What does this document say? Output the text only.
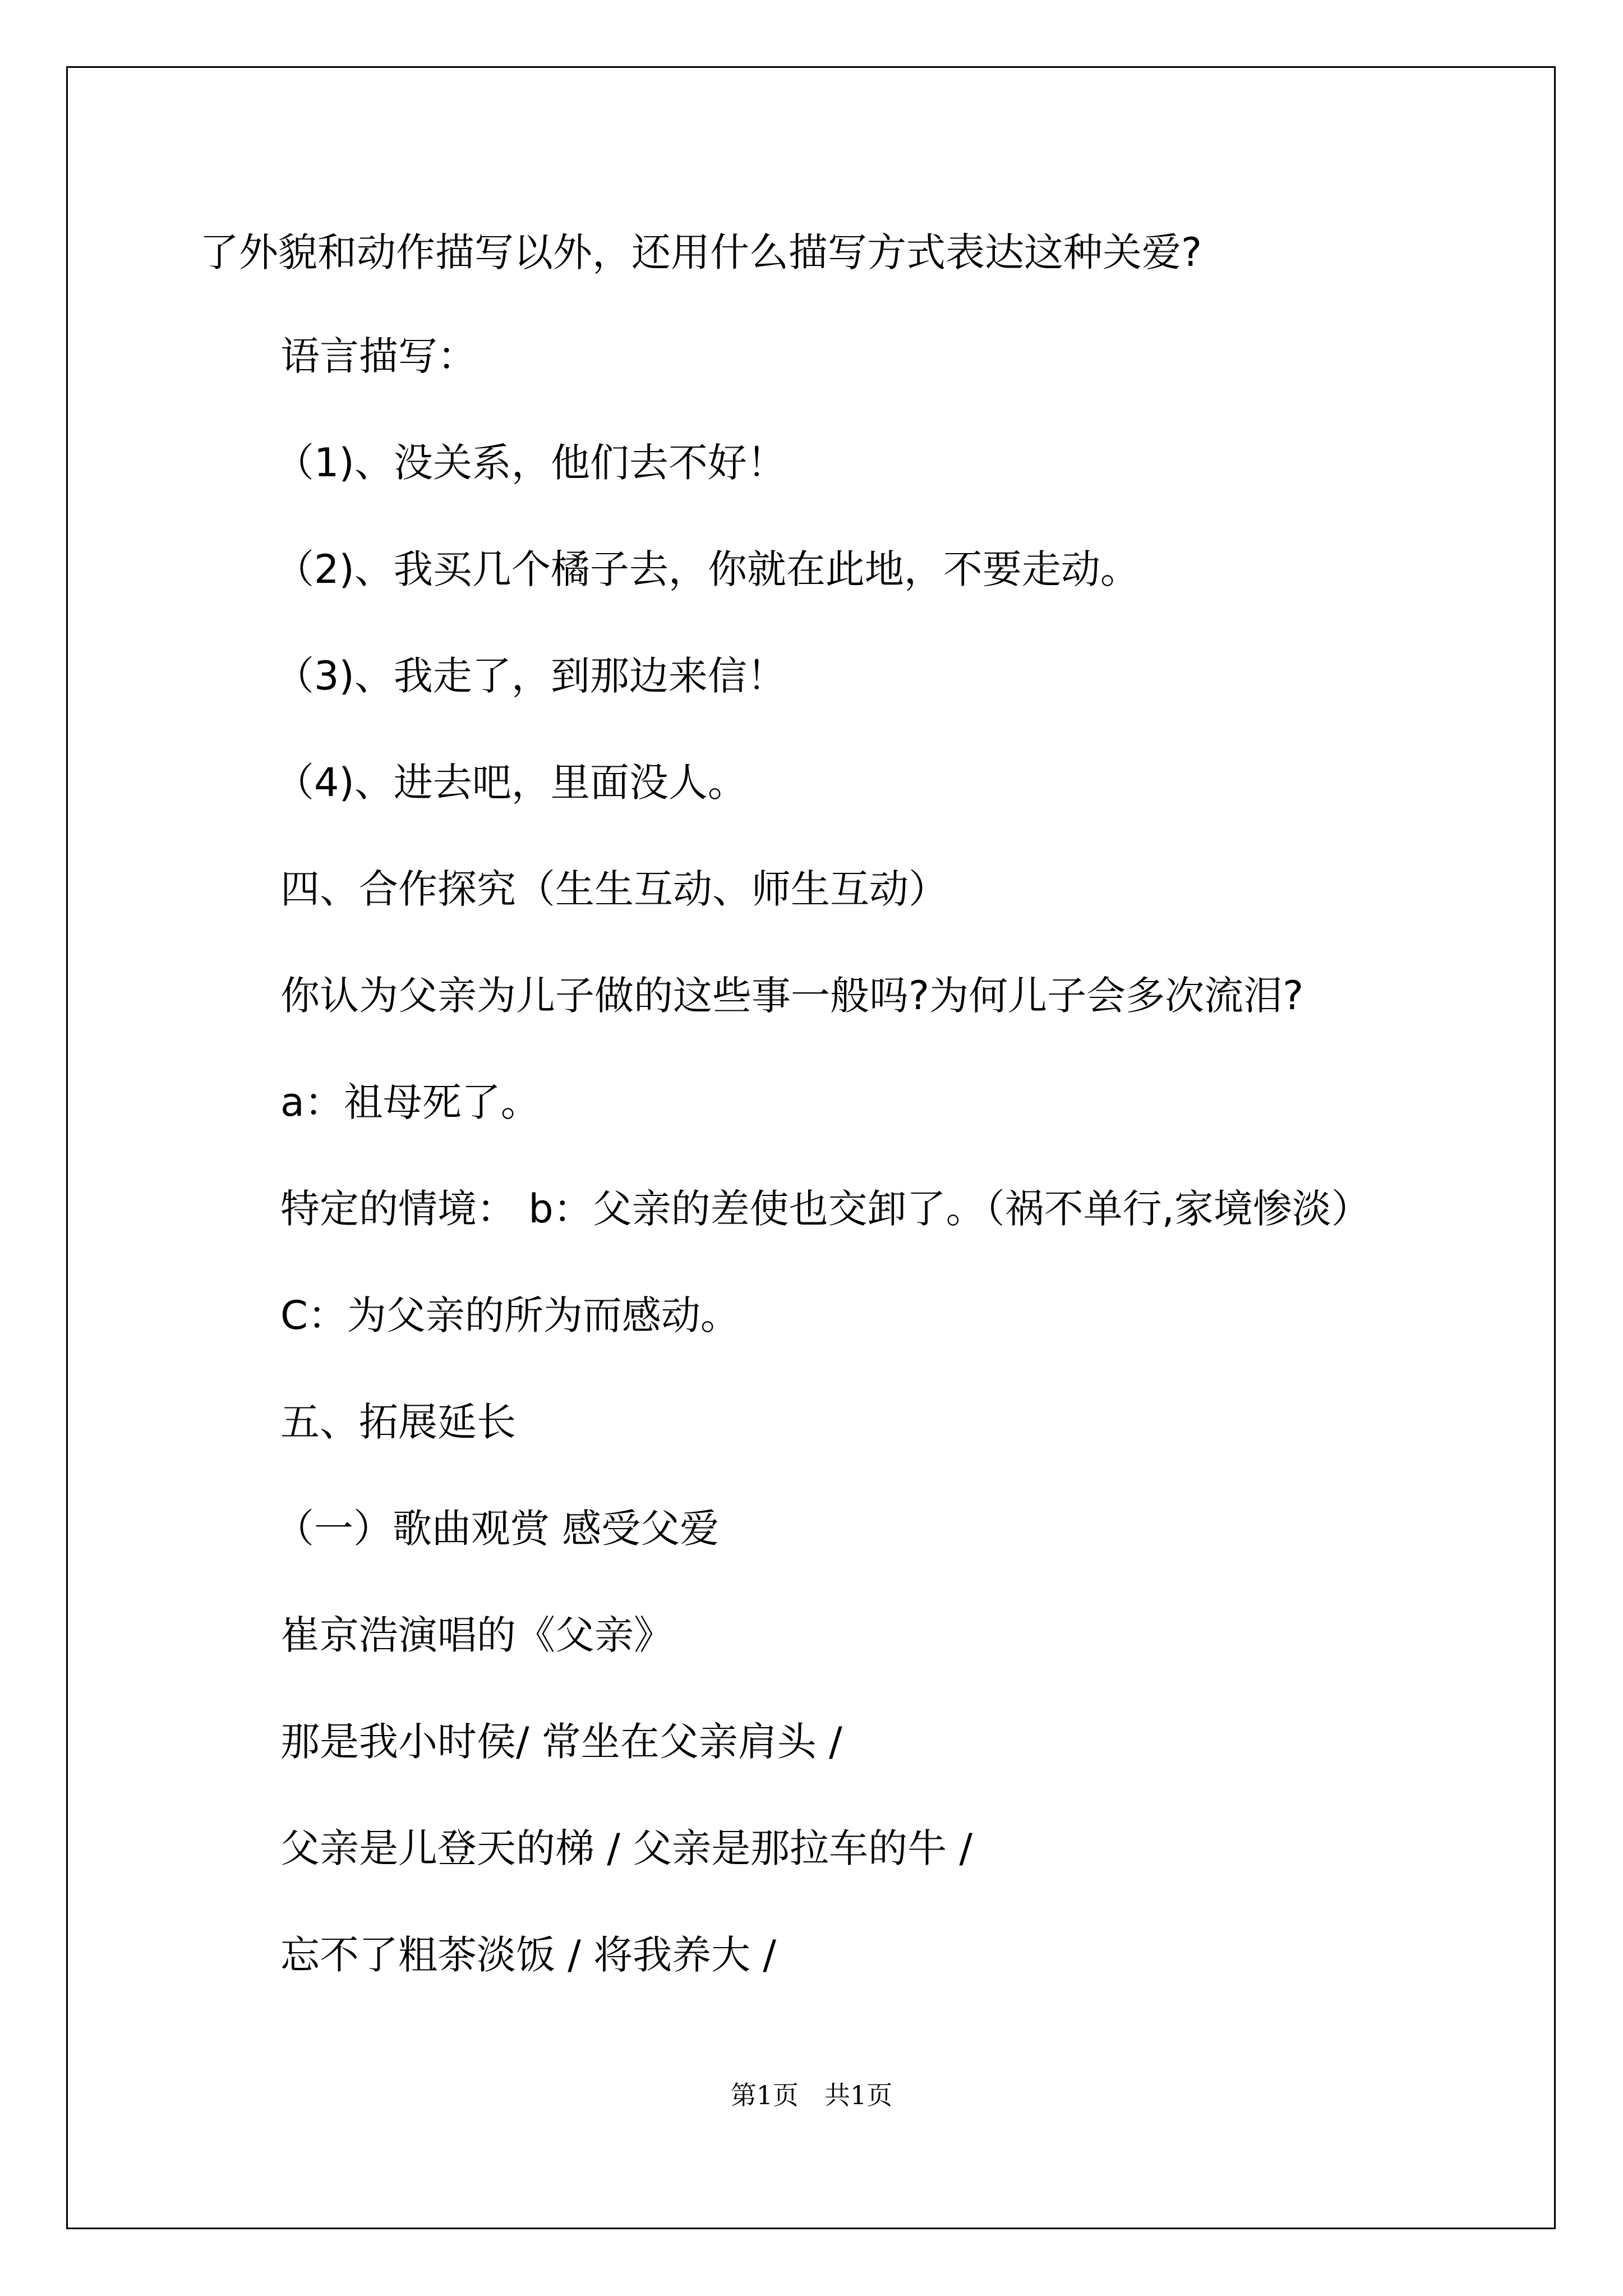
了外貌和动作描写以外，还用什么描写方式表达这种关爱?
语言描写：
（1)、没关系，他们去不好！
（2)、我买几个橘子去，你就在此地，不要走动。
（3)、我走了，到那边来信！
（4)、进去吧，里面没人。
四、合作探究（生生互动、师生互动）
你认为父亲为儿子做的这些事一般吗?为何儿子会多次流泪?
a：祖母死了。
特定的情境： b：父亲的差使也交卸了。（祸不单行,家境惨淡）
C：为父亲的所为而感动。
五、拓展延长
（一）歌曲观赏 感受父爱
崔京浩演唱的《父亲》
那是我小时侯/ 常坐在父亲肩头 /
父亲是儿登天的梯 / 父亲是那拉车的牛 /
忘不了粗茶淡饭 / 将我养大 /
第1页　共1页
